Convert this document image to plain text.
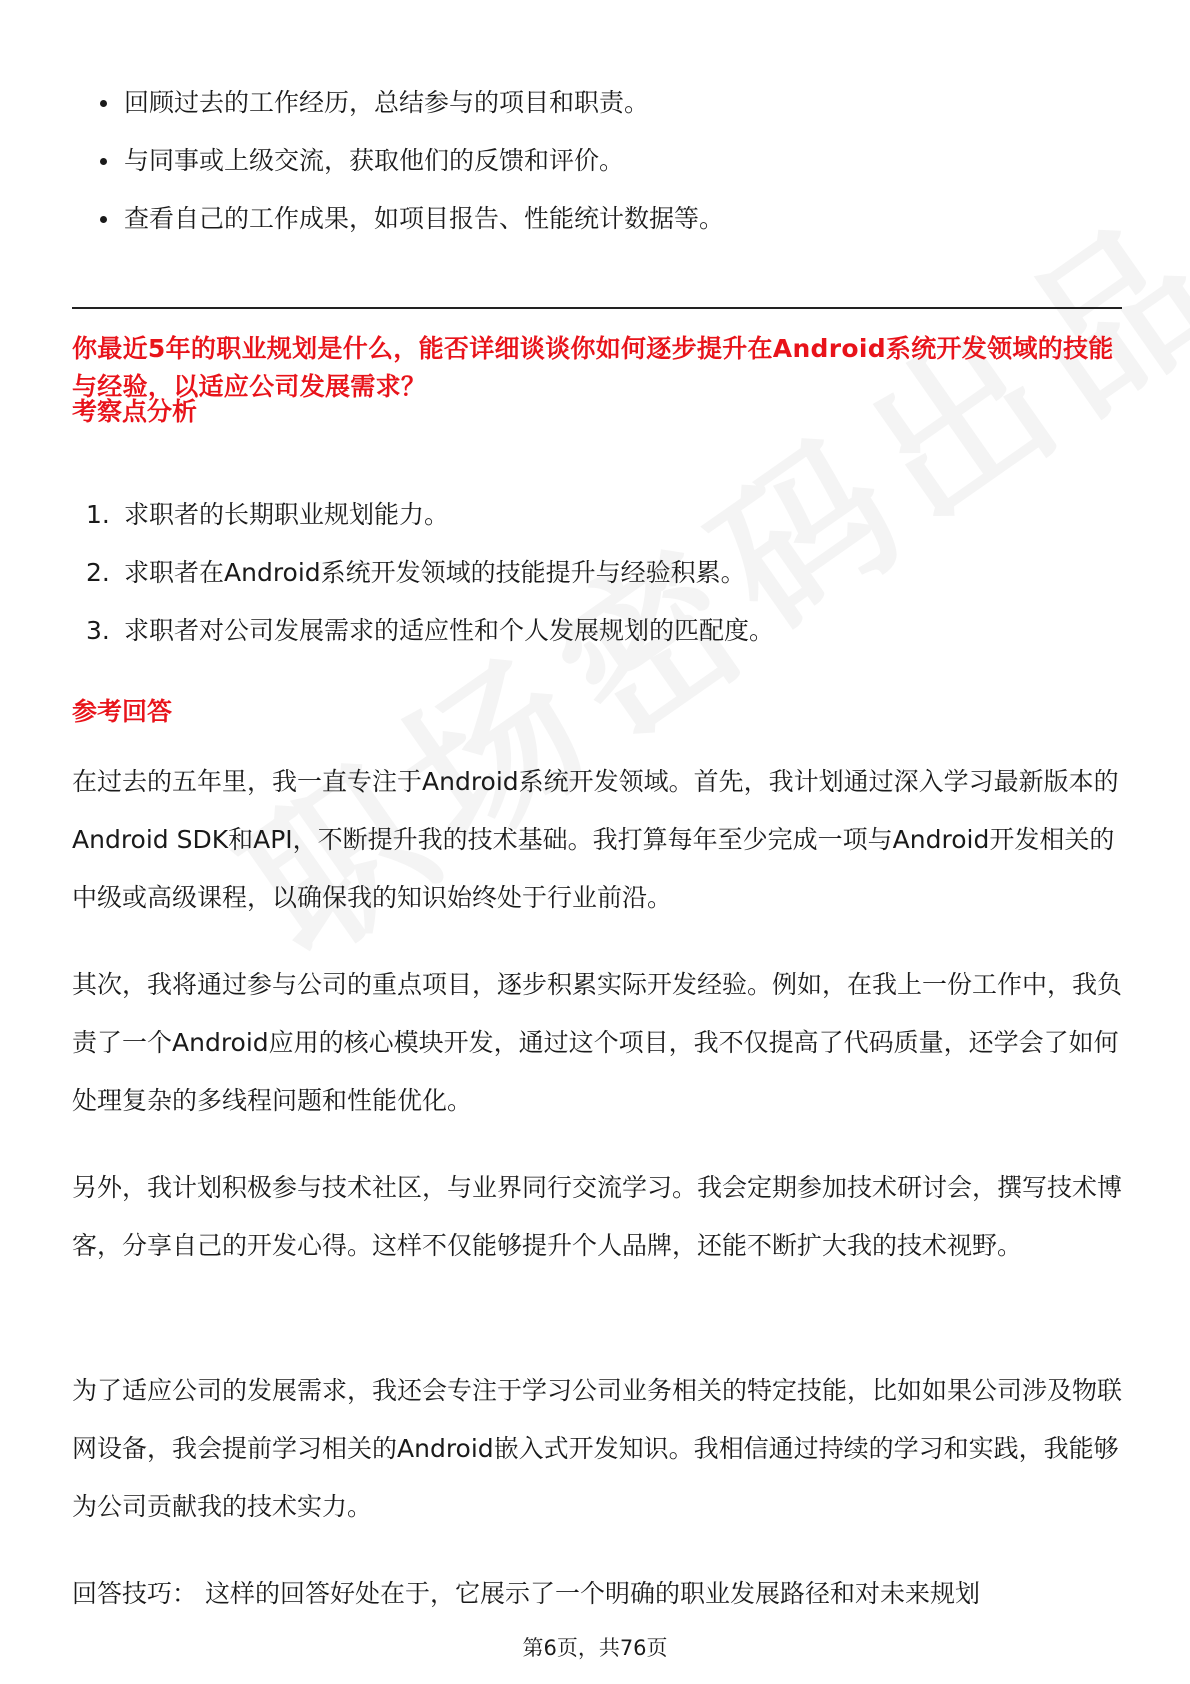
回顾过去的工作经历，总结参与的项目和职责。
与同事或上级交流，获取他们的反馈和评价。
查看自己的工作成果，如项目报告、性能统计数据等。
你最近5年的职业规划是什么，能否详细谈谈你如何逐步提升在Android系统开发领域的技能与经验，以适应公司发展需求？
考察点分析
1. 求职者的长期职业规划能力。
2. 求职者在Android系统开发领域的技能提升与经验积累。
3. 求职者对公司发展需求的适应性和个人发展规划的匹配度。
参考回答
在过去的五年里，我一直专注于Android系统开发领域。首先，我计划通过深入学习最新版本的Android SDK和API，不断提升我的技术基础。我打算每年至少完成一项与Android开发相关的中级或高级课程，以确保我的知识始终处于行业前沿。
其次，我将通过参与公司的重点项目，逐步积累实际开发经验。例如，在我上一份工作中，我负责了一个Android应用的核心模块开发，通过这个项目，我不仅提高了代码质量，还学会了如何处理复杂的多线程问题和性能优化。
另外，我计划积极参与技术社区，与业界同行交流学习。我会定期参加技术研讨会，撰写技术博客，分享自己的开发心得。这样不仅能够提升个人品牌，还能不断扩大我的技术视野。
为了适应公司的发展需求，我还会专注于学习公司业务相关的特定技能，比如如果公司涉及物联网设备，我会提前学习相关的Android嵌入式开发知识。我相信通过持续的学习和实践，我能够为公司贡献我的技术实力。
回答技巧： 这样的回答好处在于，它展示了一个明确的职业发展路径和对未来规划
第6页，共76页
